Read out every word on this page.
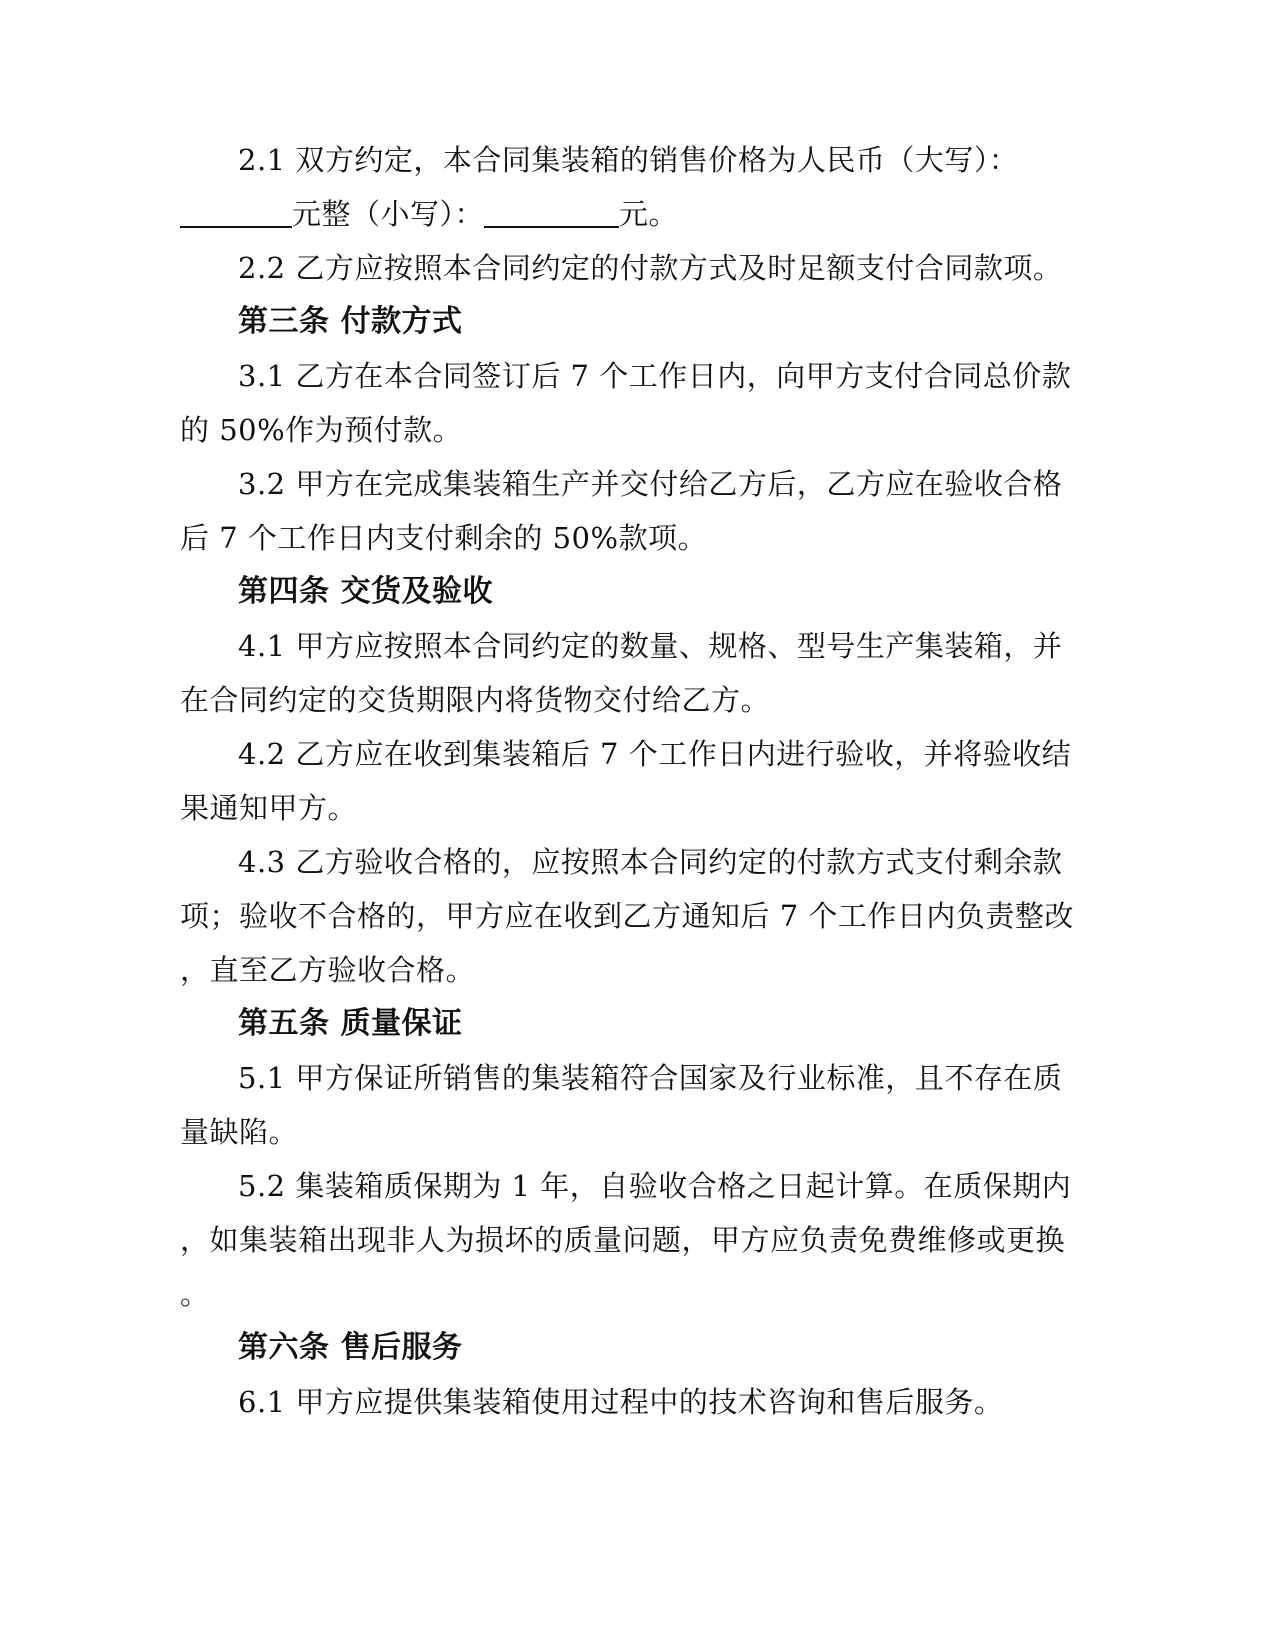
2.1 双方约定，本合同集装箱的销售价格为人民币（大写）：
元整（小写）：	元。
2.2 乙方应按照本合同约定的付款方式及时足额支付合同款项。
第三条 付款方式
3.1 乙方在本合同签订后 7 个工作日内，向甲方支付合同总价款
的 50%作为预付款。
3.2 甲方在完成集装箱生产并交付给乙方后，乙方应在验收合格
后 7 个工作日内支付剩余的 50%款项。
第四条 交货及验收
4.1 甲方应按照本合同约定的数量、规格、型号生产集装箱，并
在合同约定的交货期限内将货物交付给乙方。
4.2 乙方应在收到集装箱后 7 个工作日内进行验收，并将验收结
果通知甲方。
4.3 乙方验收合格的，应按照本合同约定的付款方式支付剩余款
项；验收不合格的，甲方应在收到乙方通知后 7 个工作日内负责整改
，直至乙方验收合格。
第五条 质量保证
5.1 甲方保证所销售的集装箱符合国家及行业标准，且不存在质
量缺陷。
5.2 集装箱质保期为 1 年，自验收合格之日起计算。在质保期内
，如集装箱出现非人为损坏的质量问题，甲方应负责免费维修或更换
。
第六条 售后服务
6.1 甲方应提供集装箱使用过程中的技术咨询和售后服务。
